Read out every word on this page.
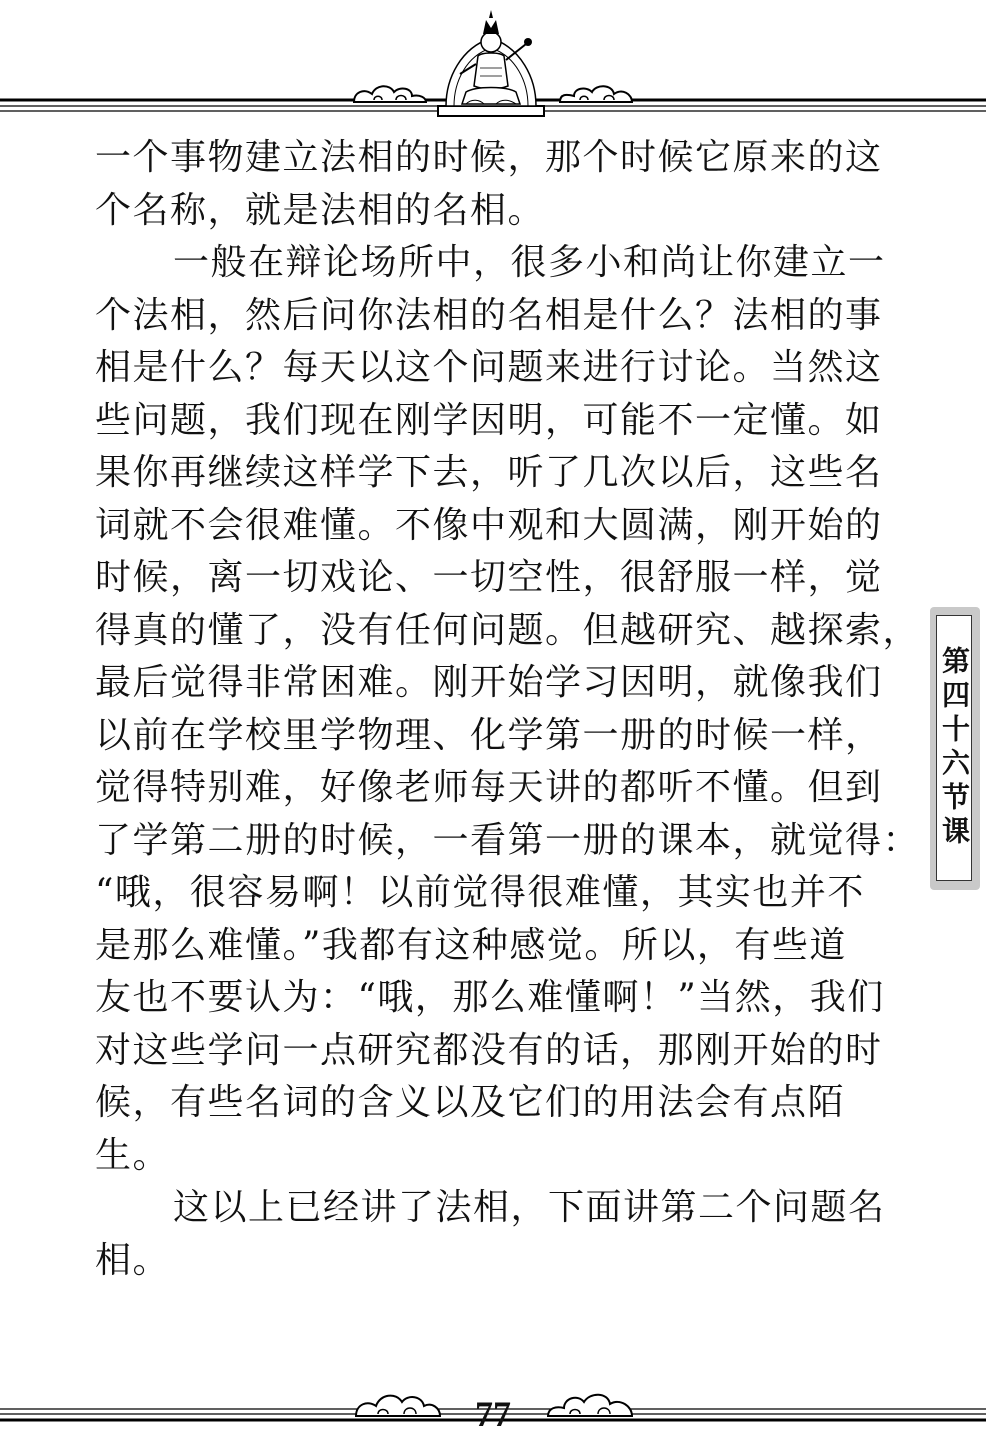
一个事物建立法相的时候，那个时候它原来的这
个名称，就是法相的名相。
一般在辩论场所中，很多小和尚让你建立一
个法相，然后问你法相的名相是什么？法相的事
相是什么？每天以这个问题来进行讨论。当然这
些问题，我们现在刚学因明，可能不一定懂。如
果你再继续这样学下去，听了几次以后，这些名
词就不会很难懂。不像中观和大圆满，刚开始的
时候，离一切戏论、一切空性，很舒服一样，觉
得真的懂了，没有任何问题。但越研究、越探索，
最后觉得非常困难。刚开始学习因明，就像我们
以前在学校里学物理、化学第一册的时候一样，
觉得特别难，好像老师每天讲的都听不懂。但到
了学第二册的时候，一看第一册的课本，就觉得：
“哦，很容易啊！以前觉得很难懂，其实也并不
是那么难懂。”我都有这种感觉。所以，有些道
友也不要认为：“哦，那么难懂啊！”当然，我们
对这些学问一点研究都没有的话，那刚开始的时
候，有些名词的含义以及它们的用法会有点陌
生。
这以上已经讲了法相，下面讲第二个问题名
相。
第四十六节课
77
